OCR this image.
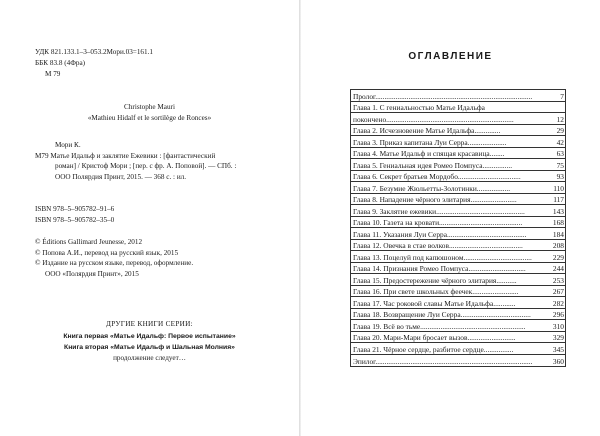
УДК 821.133.1–3–053.2Мори.03=161.1
ББК 83.8 (4Фра)
М 79
Christophe Mauri
«Mathieu Hidalf et le sortilège de Ronces»
Мори К.
М79 Матье Идальф и заклятие Ежевики : [фантастический
роман] / Кристоф Мори ; [пер. с фр. А. Поповой]. — СПб. :
ООО Полярдия Принт, 2015. — 368 с. : ил.
ISBN 978–5–905782–91–6
ISBN 978–5–905782–35–0
© Éditions Gallimard Jeunesse, 2012
© Попова А.И., перевод на русский язык, 2015
© Издание на русском языке, перевод, оформление.
ООО «Полярдия Принт», 2015
ДРУГИЕ КНИГИ СЕРИИ:
Книга первая «Матье Идальф: Первое испытание»
Книга вторая «Матье Идальф и Шальная Молния»
продолжение следует…
ОГЛАВЛЕНИЕ
Пролог.....................................................................................	7
Глава 1. С гениальностью Матье Идальфа
покончено.....................................................................	12
Глава 2. Исчезновение Матье Идальфа..............	29
Глава 3. Приказ капитана Луи Серра.....................	42
Глава 4. Матье Идальф и спящая красавица........	63
Глава 5. Гениальная идея Ромео Помпуса................	75
Глава 6. Секрет братьев Мордобо..................................	93
Глава 7. Безумие Жюльетты-Золотинки..................	110
Глава 8. Нападение чёрного элитария.........................	117
Глава 9. Заклятие ежевики................................................	143
Глава 10. Газета на кровати.............................................	168
Глава 11. Указания Луи Серра...........................................	184
Глава 12. Овечка в стае волков........................................	208
Глава 13. Поцелуй под капюшоном.....................................	229
Глава 14. Признания Ромео Помпуса...............................	244
Глава 15. Предостережение чёрного элитария...........	253
Глава 16. При свете школьных феечек.........................	267
Глава 17. Час роковой славы Матье Идальфа............	282
Глава 18. Возвращение Луи Серра......................................	296
Глава 19. Всё во тьме.........................................................	310
Глава 20. Мари-Мари бросает вызов..........................	329
Глава 21. Чёрное сердце, разбитое сердце................	345
Эпилог.....................................................................................	360
